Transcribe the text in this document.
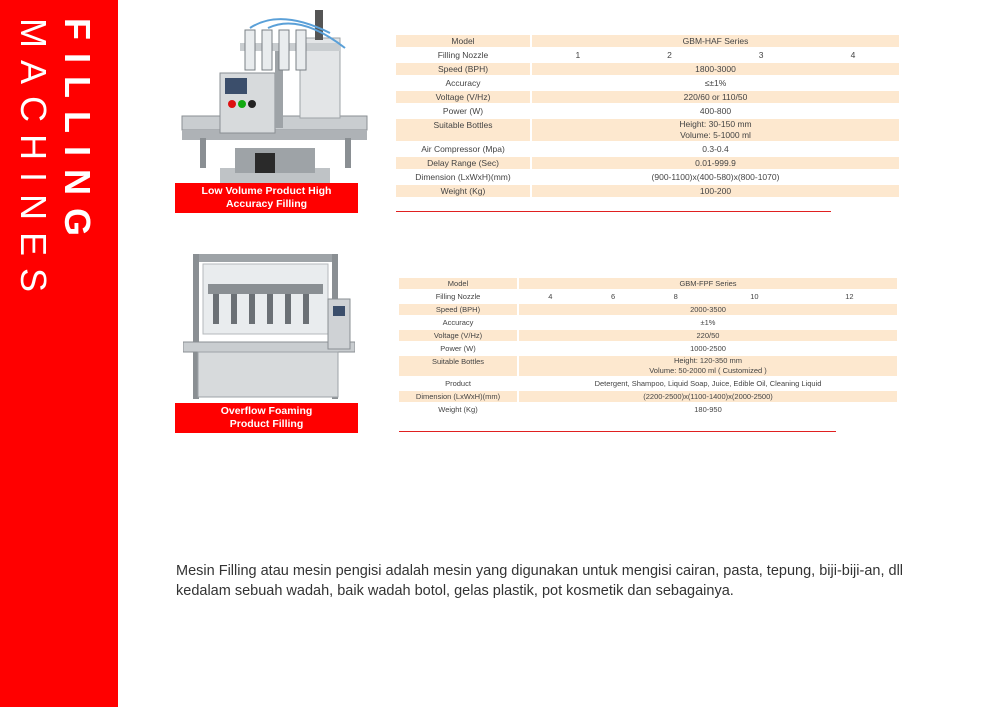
FILLING
MACHINES	Low Volume Product High
Accuracy Filling
Model	GBM-HAF Series			
Filling Nozzle	1	2	3	4
Speed (BPH)	1800-3000			
Accuracy	≤±1%			
Voltage (V/Hz)	220/60 or 110/50			
Power (W)	400-800			
Suitable Bottles	Height: 30-150 mm
Volume: 5-1000 ml			

Air Compressor (Mpa)	0.3-0.4			
Delay Range (Sec)	0.01-999.9			
Dimension (LxWxH)(mm)	(900-1100)x(400-580)x(800-1070)			
Weight (Kg)	100-200			
Overflow Foaming
Product Filling
Model	GBM-FPF Series				
Filling Nozzle	4	6	8	10	12
Speed (BPH)	2000-3500				
Accuracy	±1%				
Voltage (V/Hz)	220/50				
Power (W)	1000-2500				
Suitable Bottles	Height: 120-350 mm
Volume: 50-2000 ml ( Customized )				

Product	Detergent, Shampoo, Liquid Soap, Juice, Edible Oil, Cleaning Liquid				
Dimension (LxWxH)(mm)	(2200-2500)x(1100-1400)x(2000-2500)				
Weight (Kg)	180-950				

Mesin Filling atau mesin pengisi adalah mesin yang digunakan untuk mengisi cairan, pasta, tepung, biji-biji-an, dll kedalam sebuah wadah, baik wadah botol, gelas plastik, pot kosmetik dan sebagainya.
